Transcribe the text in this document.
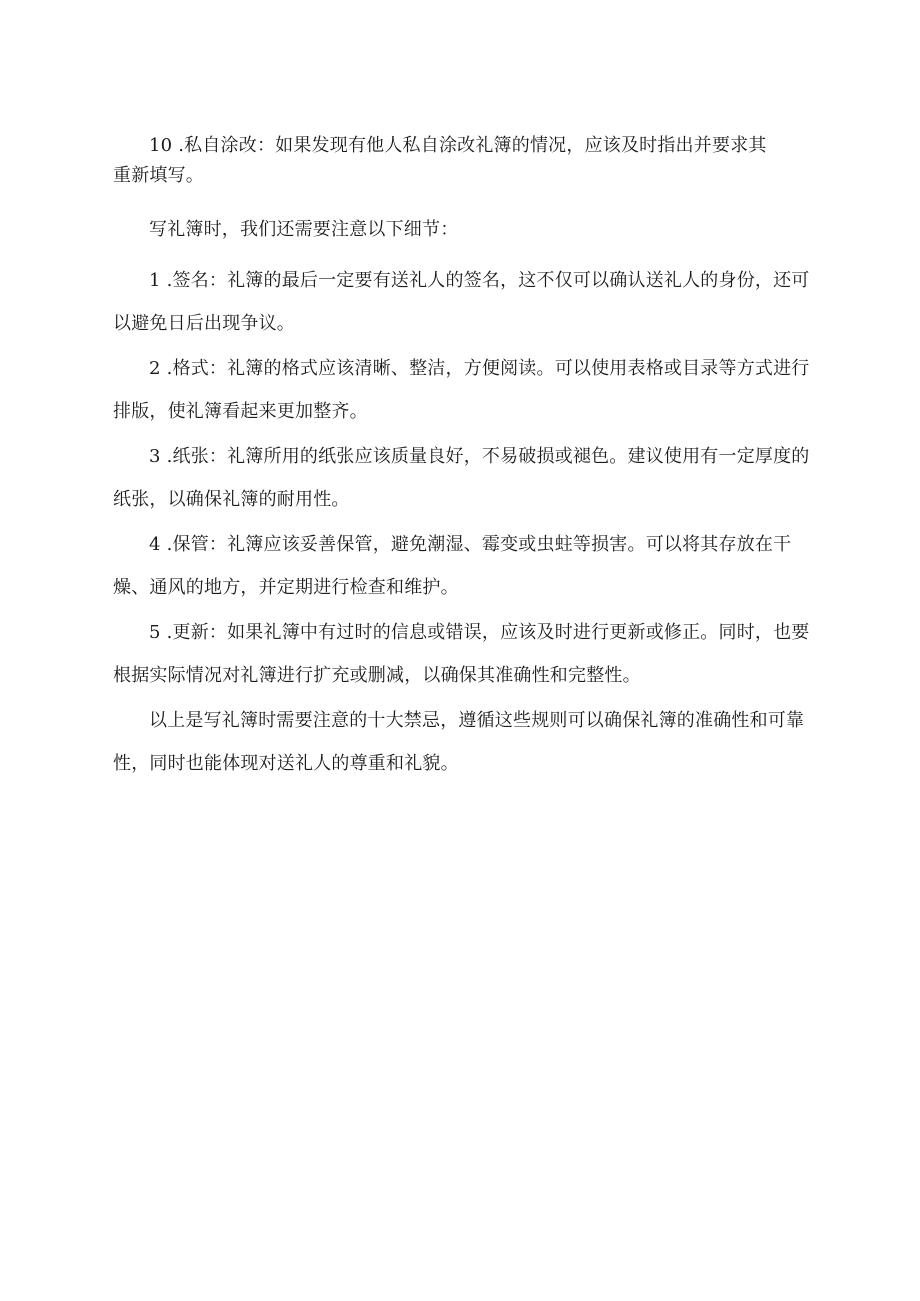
10 .私自涂改：如果发现有他人私自涂改礼簿的情况，应该及时指出并要求其重新填写。

写礼簿时，我们还需要注意以下细节：

1 .签名：礼簿的最后一定要有送礼人的签名，这不仅可以确认送礼人的身份，还可以避免日后出现争议。

2 .格式：礼簿的格式应该清晰、整洁，方便阅读。可以使用表格或目录等方式进行排版，使礼簿看起来更加整齐。

3 .纸张：礼簿所用的纸张应该质量良好，不易破损或褪色。建议使用有一定厚度的纸张，以确保礼簿的耐用性。

4 .保管：礼簿应该妥善保管，避免潮湿、霉变或虫蛀等损害。可以将其存放在干燥、通风的地方，并定期进行检查和维护。

5 .更新：如果礼簿中有过时的信息或错误，应该及时进行更新或修正。同时，也要根据实际情况对礼簿进行扩充或删减，以确保其准确性和完整性。

以上是写礼簿时需要注意的十大禁忌，遵循这些规则可以确保礼簿的准确性和可靠性，同时也能体现对送礼人的尊重和礼貌。
